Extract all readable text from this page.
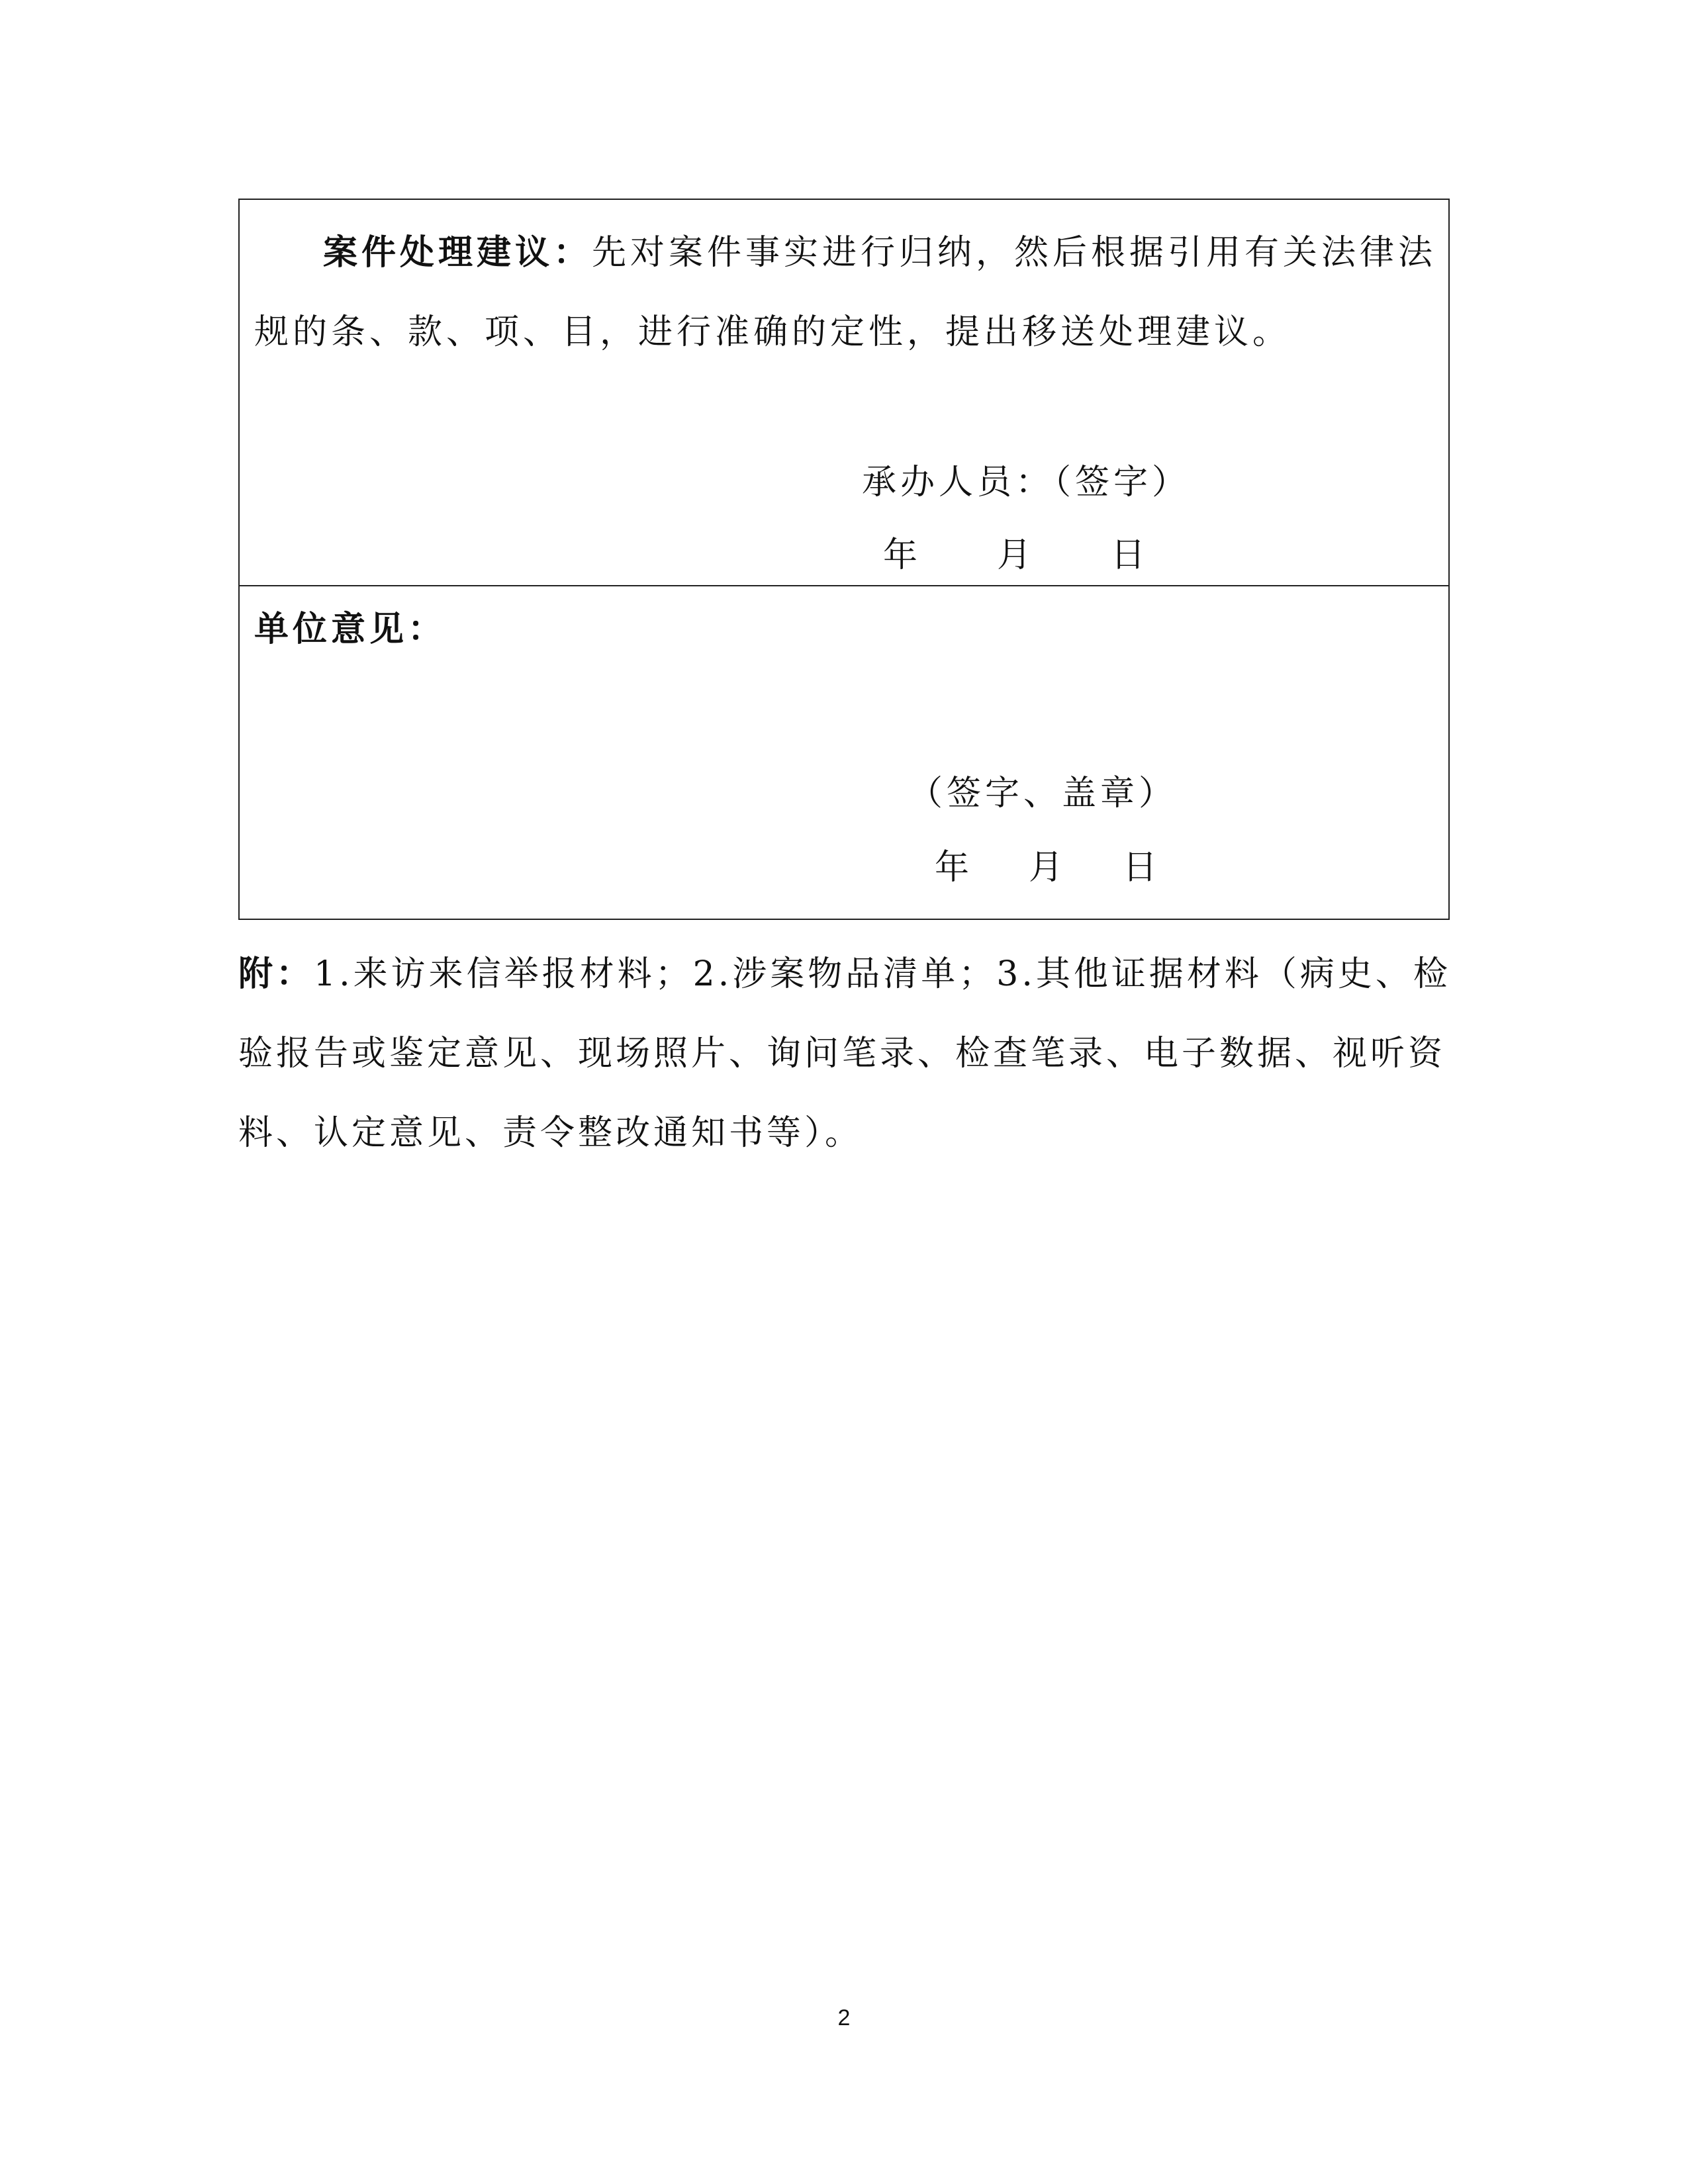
案件处理建议：先对案件事实进行归纳，然后根据引用有关法律法规的条、款、项、目，进行准确的定性，提出移送处理建议。
承办人员：（签字）
年 月 日
单位意见：
（签字、盖章）
年 月 日
附：1.来访来信举报材料；2.涉案物品清单；3.其他证据材料（病史、检验报告或鉴定意见、现场照片、询问笔录、检查笔录、电子数据、视听资料、认定意见、责令整改通知书等）。
2
